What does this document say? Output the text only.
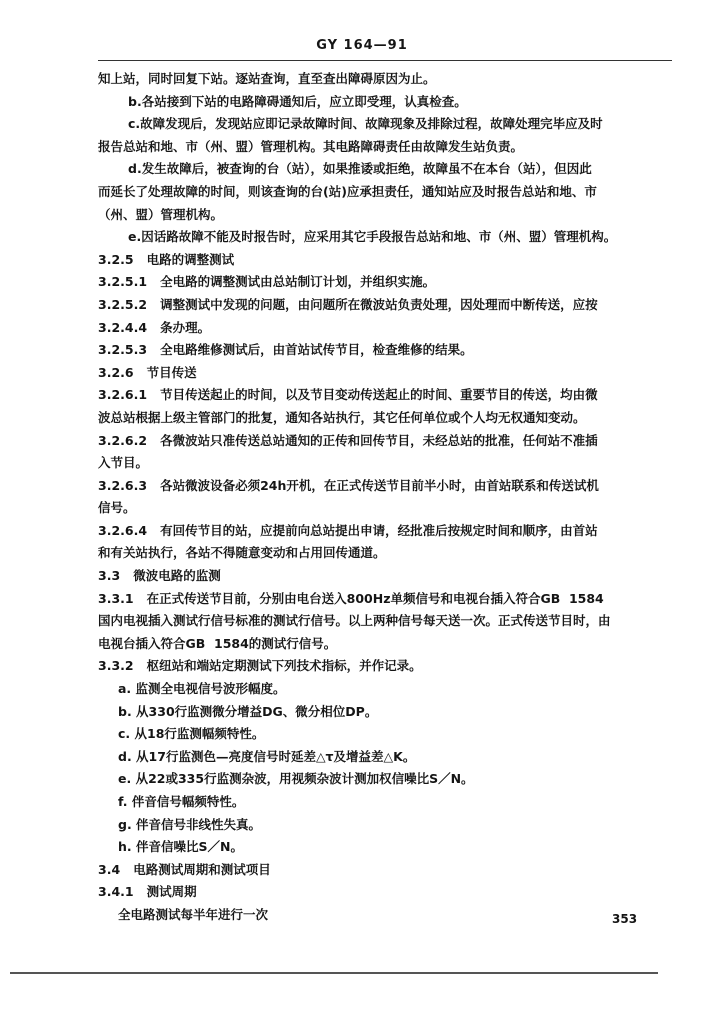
GY 164—91

知上站，同时回复下站。逐站查询，直至查出障碍原因为止。

b.各站接到下站的电路障碍通知后，应立即受理，认真检查。

c.故障发现后，发现站应即记录故障时间、故障现象及排除过程，故障处理完毕应及时

报告总站和地、市（州、盟）管理机构。其电路障碍责任由故障发生站负责。

d.发生故障后，被查询的台（站），如果推诿或拒绝，故障虽不在本台（站），但因此

而延长了处理故障的时间，则该查询的台(站)应承担责任，通知站应及时报告总站和地、市

（州、盟）管理机构。

e.因话路故障不能及时报告时，应采用其它手段报告总站和地、市（州、盟）管理机构。

3.2.5   电路的调整测试

3.2.5.1   全电路的调整测试由总站制订计划，并组织实施。

3.2.5.2   调整测试中发现的问题，由问题所在微波站负责处理，因处理而中断传送，应按

3.2.4.4   条办理。

3.2.5.3   全电路维修测试后，由首站试传节目，检查维修的结果。

3.2.6   节目传送

3.2.6.1   节目传送起止的时间，以及节目变动传送起止的时间、重要节目的传送，均由微

波总站根据上级主管部门的批复，通知各站执行，其它任何单位或个人均无权通知变动。

3.2.6.2   各微波站只准传送总站通知的正传和回传节目，未经总站的批准，任何站不准插

入节目。

3.2.6.3   各站微波设备必须24h开机，在正式传送节目前半小时，由首站联系和传送试机

信号。

3.2.6.4   有回传节目的站，应提前向总站提出申请，经批准后按规定时间和顺序，由首站

和有关站执行，各站不得随意变动和占用回传通道。

3.3   微波电路的监测

3.3.1   在正式传送节目前，分别由电台送入800Hz单频信号和电视台插入符合GB  1584

国内电视插入测试行信号标准的测试行信号。以上两种信号每天送一次。正式传送节目时，由

电视台插入符合GB  1584的测试行信号。

3.3.2   枢纽站和端站定期测试下列技术指标，并作记录。

a. 监测全电视信号波形幅度。

b. 从330行监测微分增益DG、微分相位DP。

c. 从18行监测幅频特性。

d. 从17行监测色—亮度信号时延差△τ及增益差△K。

e. 从22或335行监测杂波，用视频杂波计测加权信噪比S／N。

f. 伴音信号幅频特性。

g. 伴音信号非线性失真。

h. 伴音信噪比S／N。

3.4   电路测试周期和测试项目

3.4.1   测试周期

全电路测试每半年进行一次	353
